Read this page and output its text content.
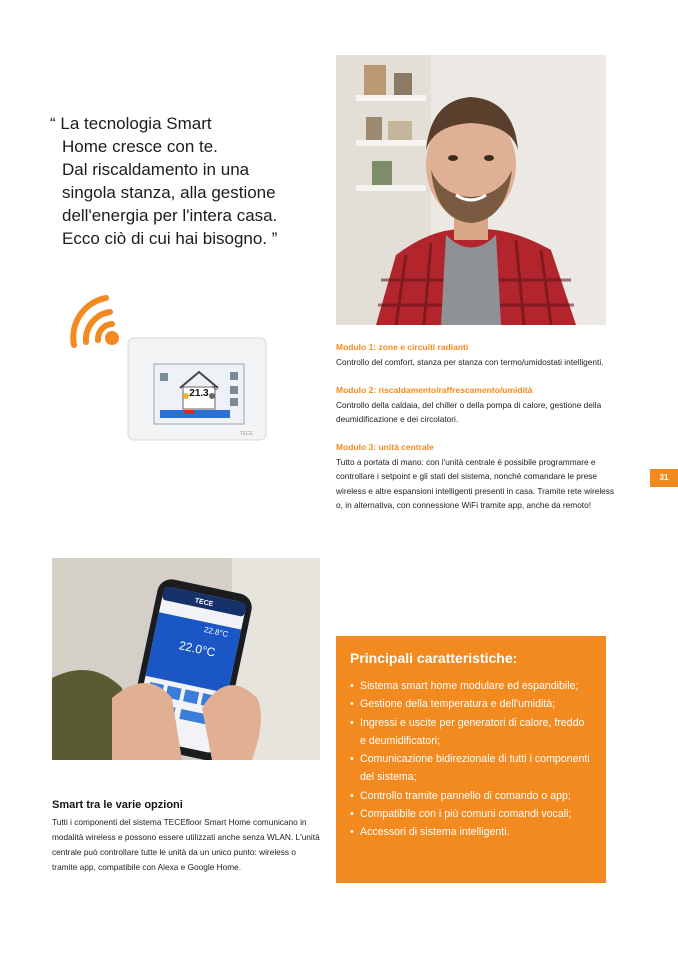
“ La tecnologia Smart
Home cresce con te.
Dal riscaldamento in una
singola stanza, alla gestione
dell'energia per l'intera casa.
Ecco ciò di cui hai bisogno. ”
21.3 °C
TECE
Modulo 1: zone e circuiti radianti
Controllo del comfort, stanza per stanza con termo/umidostati intelligenti.
Modulo 2: riscaldamento/raffrescamento/umidità
Controllo della caldaia, del chiller o della pompa di calore, gestione della deumidificazione e dei circolatori.
Modulo 3: unità centrale
Tutto a portata di mano: con l'unità centrale è possibile programmare e controllare i setpoint e gli stati del sistema, nonché comandare le prese wireless e altre espansioni intelligenti presenti in casa. Tramite rete wireless o, in alternativa, con connessione WiFi tramite app, anche da remoto!
31
TECE
22.0°C
22.8°C
Smart tra le varie opzioni
Tutti i componenti del sistema TECEfloor Smart Home comunicano in modalità wireless e possono essere utilizzati anche senza WLAN. L'unità centrale può controllare tutte le unità da un unico punto: wireless o tramite app, compatibile con Alexa e Google Home.
Principali caratteristiche:
• Sistema smart home modulare ed espandibile;
• Gestione della temperatura e dell'umidità;
• Ingressi e uscite per generatori di calore, freddo e deumidificatori;
• Comunicazione bidirezionale di tutti i componenti del sistema;
• Controllo tramite pannello di comando o app;
• Compatibile con i più comuni comandi vocali;
• Accessori di sistema intelligenti.
